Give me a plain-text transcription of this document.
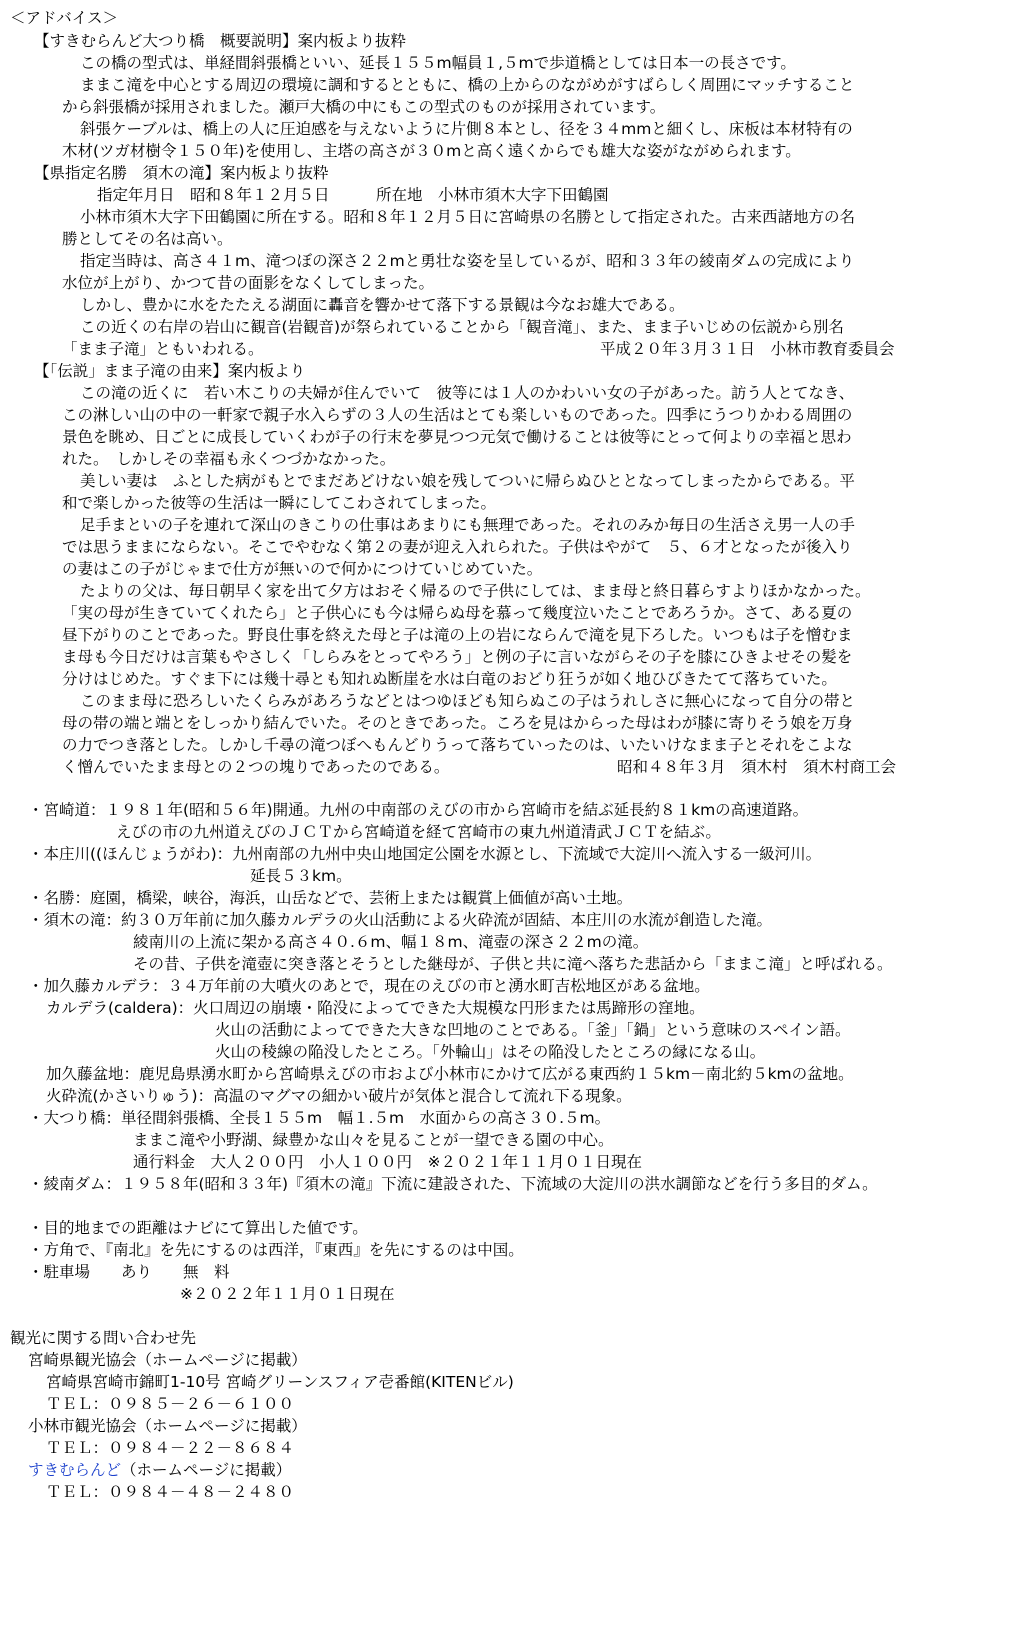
＜アドバイス＞
【すきむらんど大つり橋　概要説明】案内板より抜粋
この橋の型式は、単経間斜張橋といい、延長１５５m幅員１,５mで歩道橋としては日本一の長さです。
ままこ滝を中心とする周辺の環境に調和するとともに、橋の上からのながめがすばらしく周囲にマッチすること
から斜張橋が採用されました。瀬戸大橋の中にもこの型式のものが採用されています。
斜張ケーブルは、橋上の人に圧迫感を与えないように片側８本とし、径を３４mmと細くし、床板は本材特有の
木材(ツガ材樹令１５０年)を使用し、主塔の高さが３０mと高く遠くからでも雄大な姿がながめられます。
【県指定名勝　須木の滝】案内板より抜粋
指定年月日　昭和８年１２月５日　　　所在地　小林市須木大字下田鶴園
小林市須木大字下田鶴園に所在する。昭和８年１２月５日に宮崎県の名勝として指定された。古来西諸地方の名
勝としてその名は高い。
指定当時は、高さ４１m、滝つぼの深さ２２mと勇壮な姿を呈しているが、昭和３３年の綾南ダムの完成により
水位が上がり、かつて昔の面影をなくしてしまった。
しかし、豊かに水をたたえる湖面に轟音を響かせて落下する景観は今なお雄大である。
この近くの右岸の岩山に観音(岩観音)が祭られていることから「観音滝」、また、まま子いじめの伝説から別名
「まま子滝」ともいわれる。	平成２０年３月３１日　小林市教育委員会
【「伝説」まま子滝の由来】案内板より
この滝の近くに　若い木こりの夫婦が住んでいて　彼等には１人のかわいい女の子があった。訪う人とてなき、
この淋しい山の中の一軒家で親子水入らずの３人の生活はとても楽しいものであった。四季にうつりかわる周囲の
景色を眺め、日ごとに成長していくわが子の行末を夢見つつ元気で働けることは彼等にとって何よりの幸福と思わ
れた。　しかしその幸福も永くつづかなかった。
美しい妻は　ふとした病がもとでまだあどけない娘を残してついに帰らぬひととなってしまったからである。平
和で楽しかった彼等の生活は一瞬にしてこわされてしまった。
足手まといの子を連れて深山のきこりの仕事はあまりにも無理であった。それのみか毎日の生活さえ男一人の手
では思うままにならない。そこでやむなく第２の妻が迎え入れられた。子供はやがて　５、６才となったが後入り
の妻はこの子がじゃまで仕方が無いので何かにつけていじめていた。
たよりの父は、毎日朝早く家を出て夕方はおそく帰るので子供にしては、まま母と終日暮らすよりほかなかった。
「実の母が生きていてくれたら」と子供心にも今は帰らぬ母を慕って幾度泣いたことであろうか。さて、ある夏の
昼下がりのことであった。野良仕事を終えた母と子は滝の上の岩にならんで滝を見下ろした。いつもは子を憎むま
ま母も今日だけは言葉もやさしく「しらみをとってやろう」と例の子に言いながらその子を膝にひきよせその髪を
分けはじめた。すぐま下には幾十尋とも知れぬ断崖を水は白竜のおどり狂うが如く地ひびきたてて落ちていた。
このまま母に恐ろしいたくらみがあろうなどとはつゆほども知らぬこの子はうれしさに無心になって自分の帯と
母の帯の端と端とをしっかり結んでいた。そのときであった。ころを見はからった母はわが膝に寄りそう娘を万身
の力でつき落とした。しかし千尋の滝つぼへもんどりうって落ちていったのは、いたいけなまま子とそれをこよな
く憎んでいたまま母との２つの塊りであったのである。	昭和４８年３月　須木村　須木村商工会
・宮崎道：１９８１年(昭和５６年)開通。九州の中南部のえびの市から宮崎市を結ぶ延長約８１kmの高速道路。
えびの市の九州道えびのＪＣＴから宮崎道を経て宮崎市の東九州道清武ＪＣＴを結ぶ。
・本庄川((ほんじょうがわ)：九州南部の九州中央山地国定公園を水源とし、下流域で大淀川へ流入する一級河川。
延長５３km。
・名勝：庭園，橋梁，峡谷，海浜，山岳などで、芸術上または観賞上価値が高い土地。
・須木の滝：約３０万年前に加久藤カルデラの火山活動による火砕流が固結、本庄川の水流が創造した滝。
綾南川の上流に架かる高さ４０.６m、幅１８m、滝壺の深さ２２mの滝。
その昔、子供を滝壺に突き落とそうとした継母が、子供と共に滝へ落ちた悲話から「ままこ滝」と呼ばれる。
・加久藤カルデラ：３４万年前の大噴火のあとで，現在のえびの市と湧水町吉松地区がある盆地。
カルデラ(caldera)：火口周辺の崩壊・陥没によってできた大規模な円形または馬蹄形の窪地。
火山の活動によってできた大きな凹地のことである。「釜」「鍋」という意味のスペイン語。
火山の稜線の陥没したところ。「外輪山」はその陥没したところの縁になる山。
加久藤盆地：鹿児島県湧水町から宮崎県えびの市および小林市にかけて広がる東西約１５km－南北約５kmの盆地。
火砕流(かさいりゅう)：高温のマグマの細かい破片が気体と混合して流れ下る現象。
・大つり橋：単径間斜張橋、全長１５５m　幅１.５m　水面からの高さ３０.５m。
ままこ滝や小野湖、緑豊かな山々を見ることが一望できる園の中心。
通行料金　大人２００円　小人１００円　※２０２１年１１月０１日現在
・綾南ダム：１９５８年(昭和３３年)『須木の滝』下流に建設された、下流域の大淀川の洪水調節などを行う多目的ダム。
・目的地までの距離はナビにて算出した値です。
・方角で、『南北』を先にするのは西洋，『東西』を先にするのは中国。
・駐車場　　あり　　無　料
※２０２２年１１月０１日現在
観光に関する問い合わせ先
宮崎県観光協会（ホームページに掲載）
宮崎県宮崎市錦町1-10号 宮崎グリーンスフィア壱番館(KITENビル)
ＴＥＬ：０９８５－２６－６１００
小林市観光協会（ホームページに掲載）
ＴＥＬ：０９８４－２２－８６８４
すきむらんど（ホームページに掲載）
ＴＥＬ：０９８４－４８－２４８０
